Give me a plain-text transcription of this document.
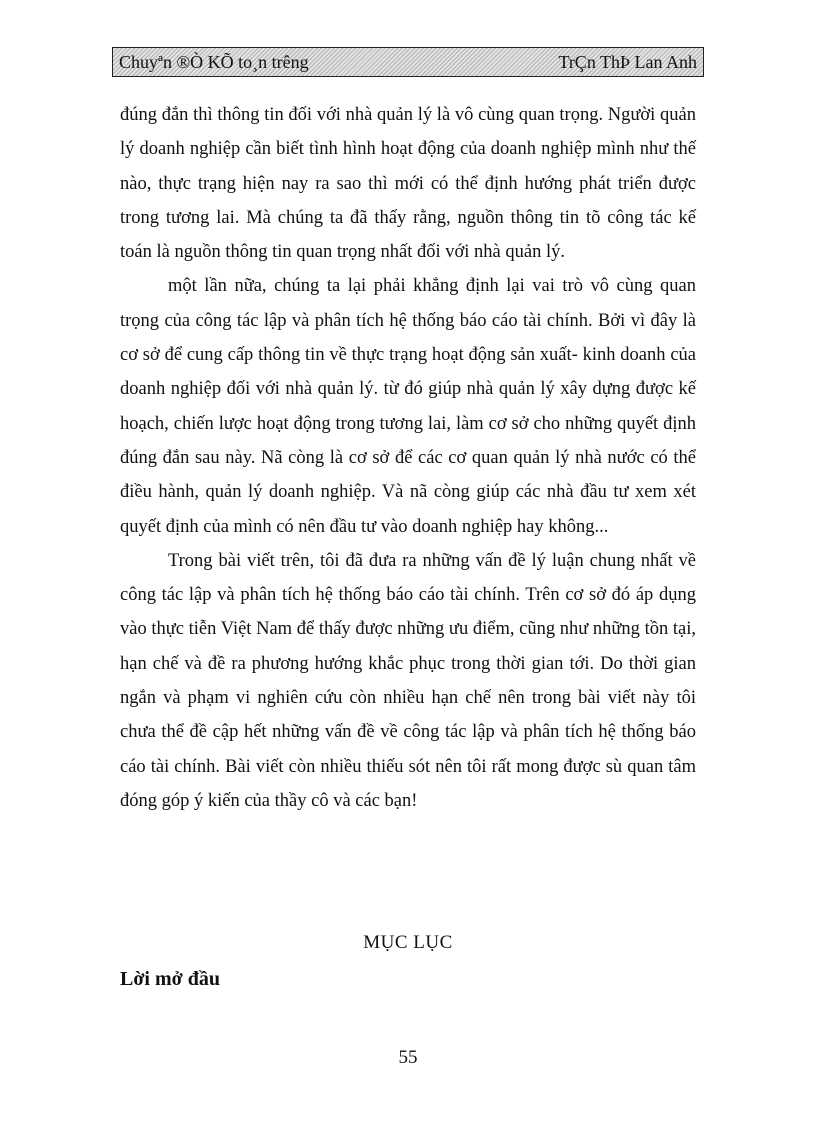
Chuyªn ®Ò KÕ to¸n trêng	TrÇn ThÞ Lan Anh

đúng đắn thì thông tin đối với nhà quản lý là vô cùng quan trọng. Người quản lý doanh nghiệp cần biết tình hình hoạt động của doanh nghiệp mình như thế nào, thực trạng hiện nay ra sao thì mới có thể định hướng phát triển được trong tương lai. Mà chúng ta đã thấy rằng, nguồn thông tin tõ công tác kế toán là nguồn thông tin quan trọng nhất đối với nhà quản lý.

một lần nữa, chúng ta lại phải khẳng định lại vai trò vô cùng quan trọng của công tác lập và phân tích hệ thống báo cáo tài chính. Bởi vì đây là cơ sở để cung cấp thông tin về thực trạng hoạt động sản xuất- kinh doanh của doanh nghiệp đối với nhà quản lý. từ đó giúp nhà quản lý xây dựng được kế hoạch, chiến lược hoạt động trong tương lai, làm cơ sở cho những quyết định đúng đắn sau này. Nã còng là cơ sở để các cơ quan quản lý nhà nước có thể điều hành, quản lý doanh nghiệp. Và nã còng giúp các nhà đầu tư xem xét quyết định của mình có nên đầu tư vào doanh nghiệp hay không...

Trong bài viết trên, tôi đã đưa ra những vấn đề lý luận chung nhất về công tác lập và phân tích hệ thống báo cáo tài chính. Trên cơ sở đó áp dụng vào thực tiễn Việt Nam để thấy được những ưu điểm, cũng như những tồn tại, hạn chế và đề ra phương hướng khắc phục trong thời gian tới. Do thời gian ngắn và phạm vi nghiên cứu còn nhiều hạn chế nên trong bài viết này tôi chưa thể đề cập hết những vấn đề về công tác lập và phân tích hệ thống báo cáo tài chính. Bài viết còn nhiều thiếu sót nên tôi rất mong được sù quan tâm đóng góp ý kiến của thầy cô và các bạn!

MỤC LỤC
Lời mở đầu
55
